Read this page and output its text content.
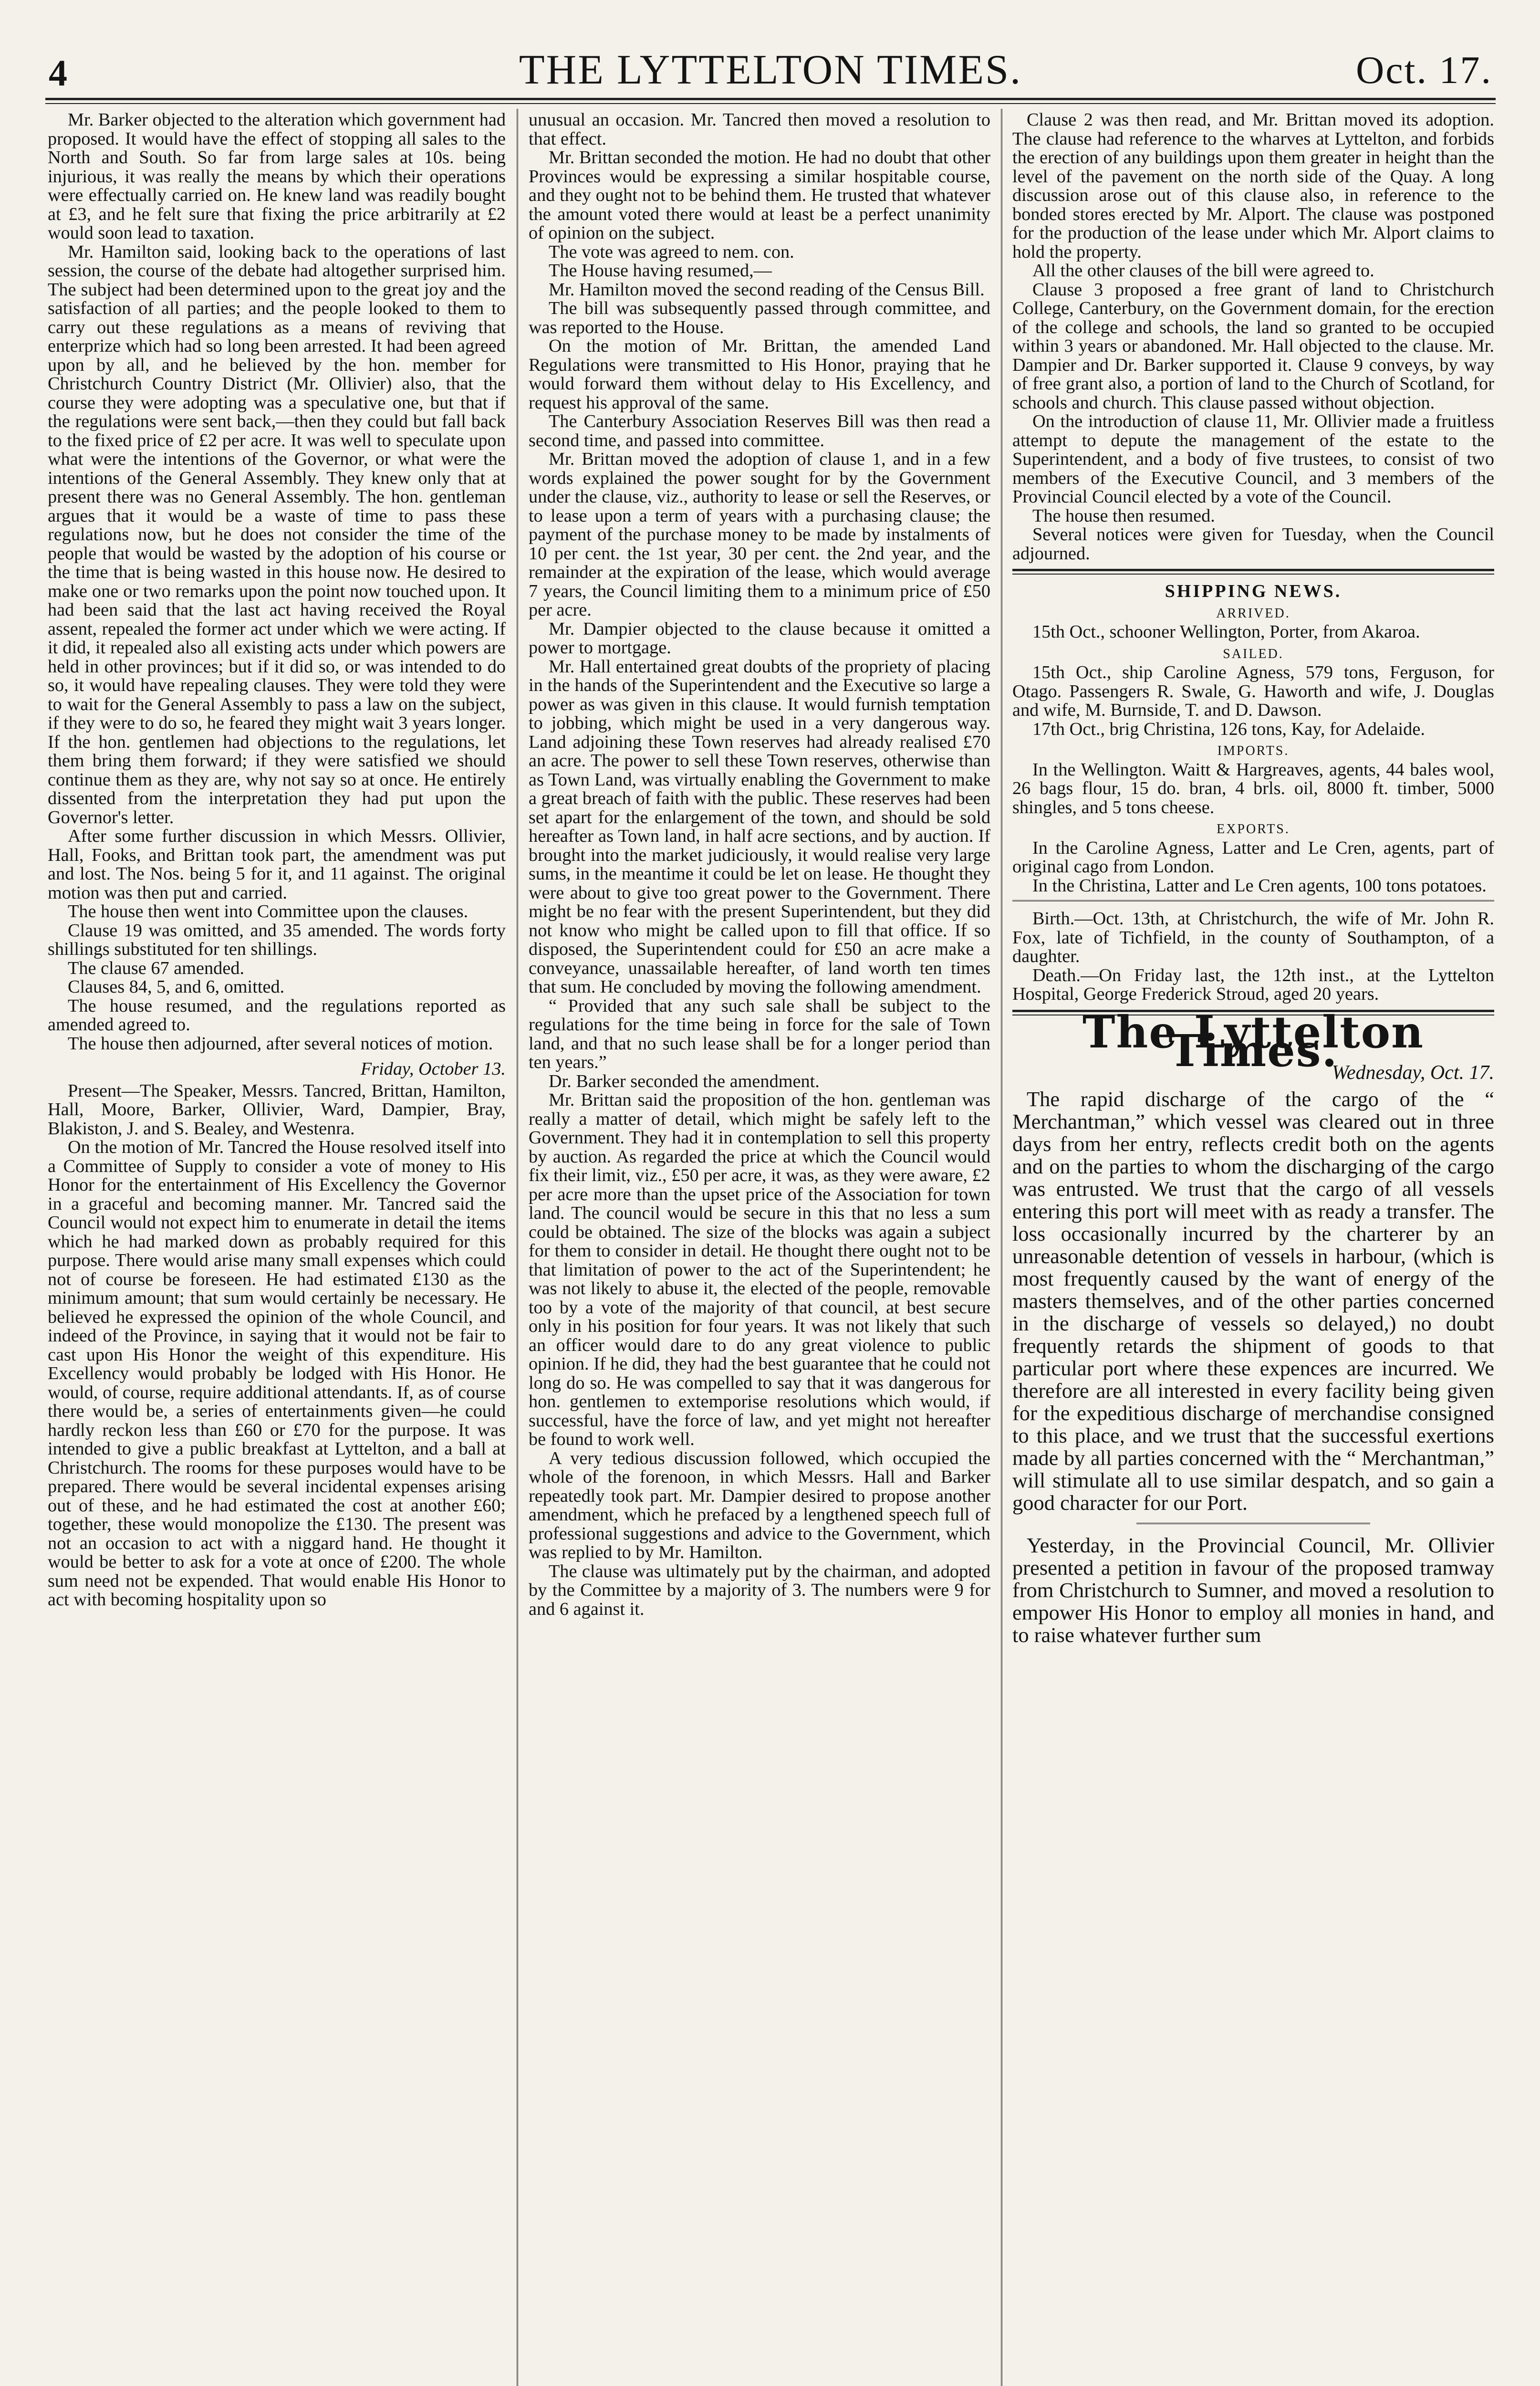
4	THE LYTTELTON TIMES.	Oct. 17.

Mr. Barker objected to the alteration which government had proposed. It would have the effect of stopping all sales to the North and South. So far from large sales at 10s. being injurious, it was really the means by which their operations were effectually carried on. He knew land was readily bought at £3, and he felt sure that fixing the price arbitrarily at £2 would soon lead to taxation.

Mr. Hamilton said, looking back to the operations of last session, the course of the debate had altogether surprised him. The subject had been determined upon to the great joy and the satisfaction of all parties; and the people looked to them to carry out these regulations as a means of reviving that enterprize which had so long been arrested. It had been agreed upon by all, and he believed by the hon. member for Christchurch Country District (Mr. Ollivier) also, that the course they were adopting was a speculative one, but that if the regulations were sent back,—then they could but fall back to the fixed price of £2 per acre. It was well to speculate upon what were the intentions of the Governor, or what were the intentions of the General Assembly. They knew only that at present there was no General Assembly. The hon. gentleman argues that it would be a waste of time to pass these regulations now, but he does not consider the time of the people that would be wasted by the adoption of his course or the time that is being wasted in this house now. He desired to make one or two remarks upon the point now touched upon. It had been said that the last act having received the Royal assent, repealed the former act under which we were acting. If it did, it repealed also all existing acts under which powers are held in other provinces; but if it did so, or was intended to do so, it would have repealing clauses. They were told they were to wait for the General Assembly to pass a law on the subject, if they were to do so, he feared they might wait 3 years longer. If the hon. gentlemen had objections to the regulations, let them bring them forward; if they were satisfied we should continue them as they are, why not say so at once. He entirely dissented from the interpretation they had put upon the Governor's letter.

After some further discussion in which Messrs. Ollivier, Hall, Fooks, and Brittan took part, the amendment was put and lost. The Nos. being 5 for it, and 11 against. The original motion was then put and carried.

The house then went into Committee upon the clauses.

Clause 19 was omitted, and 35 amended. The words forty shillings substituted for ten shillings.

The clause 67 amended.

Clauses 84, 5, and 6, omitted.

The house resumed, and the regulations reported as amended agreed to.

The house then adjourned, after several notices of motion.

Friday, October 13.

Present—The Speaker, Messrs. Tancred, Brittan, Hamilton, Hall, Moore, Barker, Ollivier, Ward, Dampier, Bray, Blakiston, J. and S. Bealey, and Westenra.

On the motion of Mr. Tancred the House resolved itself into a Committee of Supply to consider a vote of money to His Honor for the entertainment of His Excellency the Governor in a graceful and becoming manner. Mr. Tancred said the Council would not expect him to enumerate in detail the items which he had marked down as probably required for this purpose. There would arise many small expenses which could not of course be foreseen. He had estimated £130 as the minimum amount; that sum would certainly be necessary. He believed he expressed the opinion of the whole Council, and indeed of the Province, in saying that it would not be fair to cast upon His Honor the weight of this expenditure. His Excellency would probably be lodged with His Honor. He would, of course, require additional attendants. If, as of course there would be, a series of entertainments given—he could hardly reckon less than £60 or £70 for the purpose. It was intended to give a public breakfast at Lyttelton, and a ball at Christchurch. The rooms for these purposes would have to be prepared. There would be several incidental expenses arising out of these, and he had estimated the cost at another £60; together, these would monopolize the £130. The present was not an occasion to act with a niggard hand. He thought it would be better to ask for a vote at once of £200. The whole sum need not be expended. That would enable His Honor to act with becoming hospitality upon so

unusual an occasion. Mr. Tancred then moved a resolution to that effect.

Mr. Brittan seconded the motion. He had no doubt that other Provinces would be expressing a similar hospitable course, and they ought not to be behind them. He trusted that whatever the amount voted there would at least be a perfect unanimity of opinion on the subject.

The vote was agreed to nem. con.

The House having resumed,—

Mr. Hamilton moved the second reading of the Census Bill.

The bill was subsequently passed through committee, and was reported to the House.

On the motion of Mr. Brittan, the amended Land Regulations were transmitted to His Honor, praying that he would forward them without delay to His Excellency, and request his approval of the same.

The Canterbury Association Reserves Bill was then read a second time, and passed into committee.

Mr. Brittan moved the adoption of clause 1, and in a few words explained the power sought for by the Government under the clause, viz., authority to lease or sell the Reserves, or to lease upon a term of years with a purchasing clause; the payment of the purchase money to be made by instalments of 10 per cent. the 1st year, 30 per cent. the 2nd year, and the remainder at the expiration of the lease, which would average 7 years, the Council limiting them to a minimum price of £50 per acre.

Mr. Dampier objected to the clause because it omitted a power to mortgage.

Mr. Hall entertained great doubts of the propriety of placing in the hands of the Superintendent and the Executive so large a power as was given in this clause. It would furnish temptation to jobbing, which might be used in a very dangerous way. Land adjoining these Town reserves had already realised £70 an acre. The power to sell these Town reserves, otherwise than as Town Land, was virtually enabling the Government to make a great breach of faith with the public. These reserves had been set apart for the enlargement of the town, and should be sold hereafter as Town land, in half acre sections, and by auction. If brought into the market judiciously, it would realise very large sums, in the meantime it could be let on lease. He thought they were about to give too great power to the Government. There might be no fear with the present Superintendent, but they did not know who might be called upon to fill that office. If so disposed, the Superintendent could for £50 an acre make a conveyance, unassailable hereafter, of land worth ten times that sum. He concluded by moving the following amendment.

“ Provided that any such sale shall be subject to the regulations for the time being in force for the sale of Town land, and that no such lease shall be for a longer period than ten years.”

Dr. Barker seconded the amendment.

Mr. Brittan said the proposition of the hon. gentleman was really a matter of detail, which might be safely left to the Government. They had it in contemplation to sell this property by auction. As regarded the price at which the Council would fix their limit, viz., £50 per acre, it was, as they were aware, £2 per acre more than the upset price of the Association for town land. The council would be secure in this that no less a sum could be obtained. The size of the blocks was again a subject for them to consider in detail. He thought there ought not to be that limitation of power to the act of the Superintendent; he was not likely to abuse it, the elected of the people, removable too by a vote of the majority of that council, at best secure only in his position for four years. It was not likely that such an officer would dare to do any great violence to public opinion. If he did, they had the best guarantee that he could not long do so. He was compelled to say that it was dangerous for hon. gentlemen to extemporise resolutions which would, if successful, have the force of law, and yet might not hereafter be found to work well.

A very tedious discussion followed, which occupied the whole of the forenoon, in which Messrs. Hall and Barker repeatedly took part. Mr. Dampier desired to propose another amendment, which he prefaced by a lengthened speech full of professional suggestions and advice to the Government, which was replied to by Mr. Hamilton.

The clause was ultimately put by the chairman, and adopted by the Committee by a majority of 3. The numbers were 9 for and 6 against it.

Clause 2 was then read, and Mr. Brittan moved its adoption. The clause had reference to the wharves at Lyttelton, and forbids the erection of any buildings upon them greater in height than the level of the pavement on the north side of the Quay. A long discussion arose out of this clause also, in reference to the bonded stores erected by Mr. Alport. The clause was postponed for the production of the lease under which Mr. Alport claims to hold the property.

All the other clauses of the bill were agreed to.

Clause 3 proposed a free grant of land to Christchurch College, Canterbury, on the Government domain, for the erection of the college and schools, the land so granted to be occupied within 3 years or abandoned. Mr. Hall objected to the clause. Mr. Dampier and Dr. Barker supported it. Clause 9 conveys, by way of free grant also, a portion of land to the Church of Scotland, for schools and church. This clause passed without objection.

On the introduction of clause 11, Mr. Ollivier made a fruitless attempt to depute the management of the estate to the Superintendent, and a body of five trustees, to consist of two members of the Executive Council, and 3 members of the Provincial Council elected by a vote of the Council.

The house then resumed.

Several notices were given for Tuesday, when the Council adjourned.

SHIPPING NEWS.
ARRIVED.

15th Oct., schooner Wellington, Porter, from Akaroa.

SAILED.

15th Oct., ship Caroline Agness, 579 tons, Ferguson, for Otago. Passengers R. Swale, G. Haworth and wife, J. Douglas and wife, M. Burnside, T. and D. Dawson.

17th Oct., brig Christina, 126 tons, Kay, for Adelaide.

IMPORTS.

In the Wellington. Waitt & Hargreaves, agents, 44 bales wool, 26 bags flour, 15 do. bran, 4 brls. oil, 8000 ft. timber, 5000 shingles, and 5 tons cheese.

EXPORTS.

In the Caroline Agness, Latter and Le Cren, agents, part of original cago from London.

In the Christina, Latter and Le Cren agents, 100 tons potatoes.

Birth.—Oct. 13th, at Christchurch, the wife of Mr. John R. Fox, late of Tichfield, in the county of Southampton, of a daughter.

Death.—On Friday last, the 12th inst., at the Lyttelton Hospital, George Frederick Stroud, aged 20 years.

The Lyttelton Times.

Wednesday, Oct. 17.

The rapid discharge of the cargo of the “ Merchantman,” which vessel was cleared out in three days from her entry, reflects credit both on the agents and on the parties to whom the discharging of the cargo was entrusted. We trust that the cargo of all vessels entering this port will meet with as ready a transfer. The loss occasionally incurred by the charterer by an unreasonable detention of vessels in harbour, (which is most frequently caused by the want of energy of the masters themselves, and of the other parties concerned in the discharge of vessels so delayed,) no doubt frequently retards the shipment of goods to that particular port where these expences are incurred. We therefore are all interested in every facility being given for the expeditious discharge of merchandise consigned to this place, and we trust that the successful exertions made by all parties concerned with the “ Merchantman,” will stimulate all to use similar despatch, and so gain a good character for our Port.

Yesterday, in the Provincial Council, Mr. Ollivier presented a petition in favour of the proposed tramway from Christchurch to Sumner, and moved a resolution to empower His Honor to employ all monies in hand, and to raise whatever further sum
